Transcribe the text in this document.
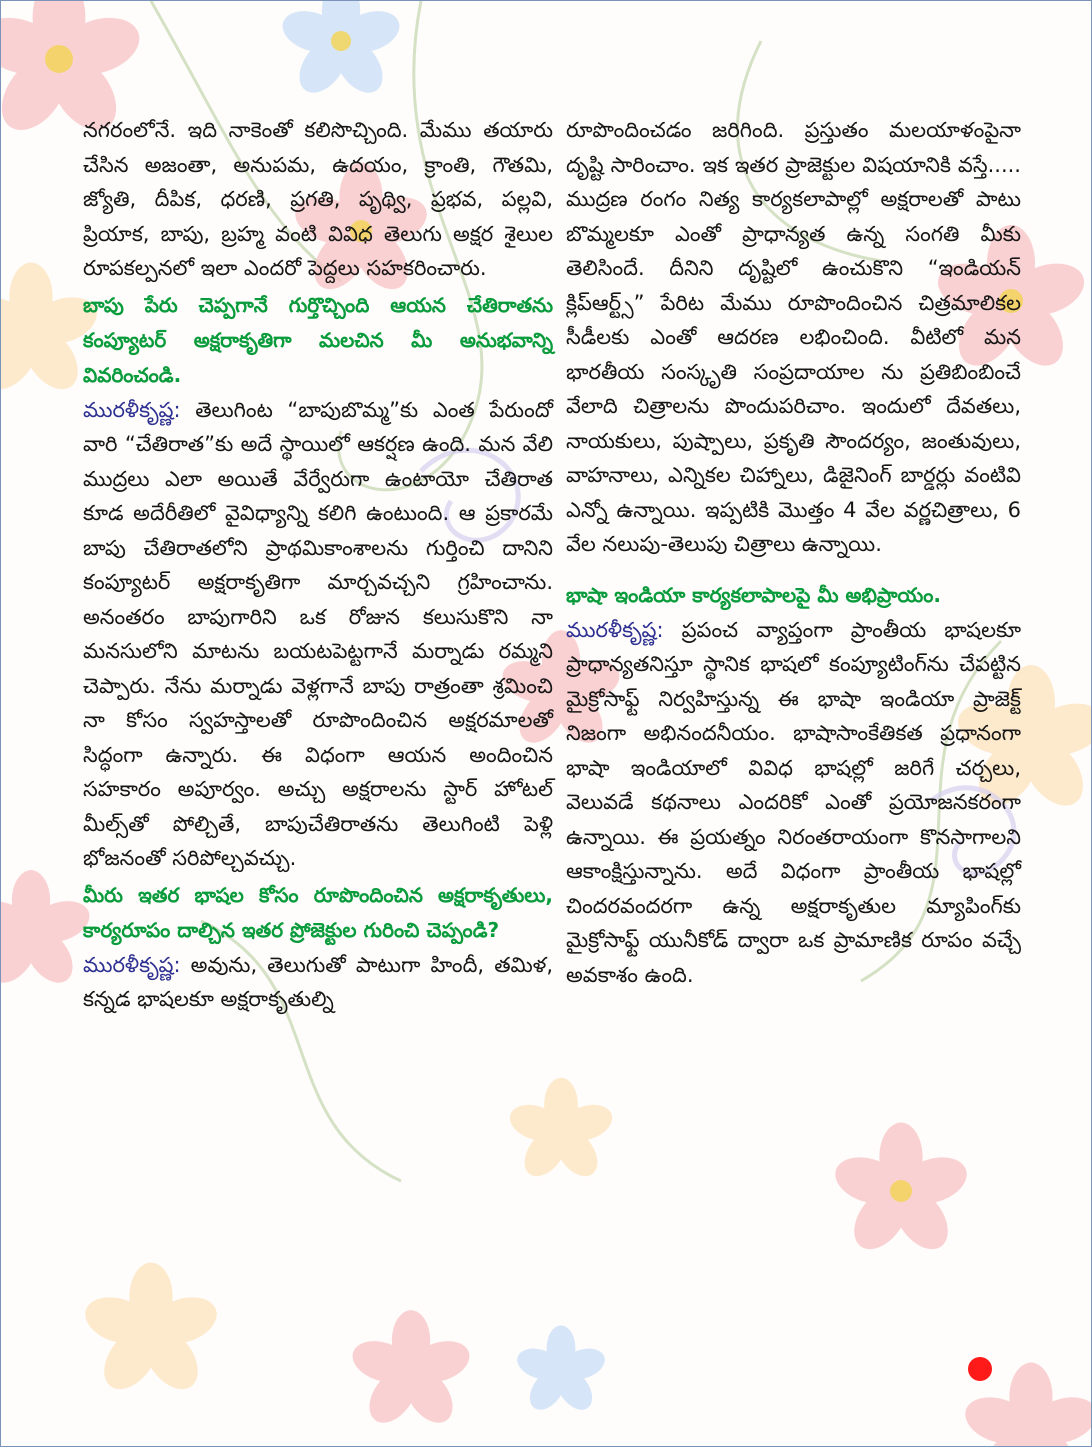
నగరంలోనే. ఇది నాకెంతో కలిసొచ్చింది. మేము తయారు చేసిన అజంతా, అనుపమ, ఉదయం, క్రాంతి, గౌతమి, జ్యోతి, దీపిక, ధరణి, ప్రగతి, పృథ్వి, ప్రభవ, పల్లవి, ప్రియాక, బాపు, బ్రహ్మ వంటి వివిధ తెలుగు అక్షర శైలుల రూపకల్పనలో ఇలా ఎందరో పెద్దలు సహకరించారు.

బాపు పేరు చెప్పగానే గుర్తొచ్చింది ఆయన చేతిరాతను కంప్యూటర్ అక్షరాకృతిగా మలచిన మీ అనుభవాన్ని వివరించండి.

మురళీకృష్ణ: తెలుగింట “బాపుబొమ్మ”కు ఎంత పేరుందో వారి “చేతిరాత”కు అదే స్థాయిలో ఆకర్షణ ఉంది. మన వేలి ముద్రలు ఎలా అయితే వేర్వేరుగా ఉంటాయో చేతిరాత కూడ అదేరీతిలో వైవిధ్యాన్ని కలిగి ఉంటుంది. ఆ ప్రకారమే బాపు చేతిరాతలోని ప్రాథమికాంశాలను గుర్తించి దానిని కంప్యూటర్ అక్షరాకృతిగా మార్చవచ్చని గ్రహించాను. అనంతరం బాపుగారిని ఒక రోజున కలుసుకొని నా మనసులోని మాటను బయటపెట్టగానే మర్నాడు రమ్మని చెప్పారు. నేను మర్నాడు వెళ్లగానే బాపు రాత్రంతా శ్రమించి నా కోసం స్వహస్తాలతో రూపొందించిన అక్షరమాలతో సిద్ధంగా ఉన్నారు. ఈ విధంగా ఆయన అందించిన సహకారం అపూర్వం. అచ్చు అక్షరాలను స్టార్ హోటల్ మీల్స్‌తో పోల్చితే, బాపుచేతిరాతను తెలుగింటి పెళ్లి భోజనంతో సరిపోల్చవచ్చు.

మీరు ఇతర భాషల కోసం రూపొందించిన అక్షరాకృతులు, కార్యరూపం దాల్చిన ఇతర ప్రోజెక్టుల గురించి చెప్పండి?

మురళీకృష్ణ: అవును, తెలుగుతో పాటుగా హిందీ, తమిళ, కన్నడ భాషలకూ అక్షరాకృతుల్ని

రూపొందించడం జరిగింది. ప్రస్తుతం మలయాళంపైనా దృష్టి సారించాం. ఇక ఇతర ప్రాజెక్టుల విషయానికి వస్తే..... ముద్రణ రంగం నిత్య కార్యకలాపాల్లో అక్షరాలతో పాటు బొమ్మలకూ ఎంతో ప్రాధాన్యత ఉన్న సంగతి మీకు తెలిసిందే. దీనిని దృష్టిలో ఉంచుకొని “ఇండియన్ క్లిప్‌ఆర్ట్స్” పేరిట మేము రూపొందించిన చిత్రమాలికల సీడీలకు ఎంతో ఆదరణ లభించింది. వీటిలో మన భారతీయ సంస్కృతి సంప్రదాయాల ను ప్రతిబింబించే వేలాది చిత్రాలను పొందుపరిచాం. ఇందులో దేవతలు, నాయకులు, పుష్పాలు, ప్రకృతి సౌందర్యం, జంతువులు, వాహనాలు, ఎన్నికల చిహ్నాలు, డిజైనింగ్ బార్డర్లు వంటివి ఎన్నో ఉన్నాయి. ఇప్పటికి మొత్తం 4 వేల వర్ణచిత్రాలు, 6 వేల నలుపు-తెలుపు చిత్రాలు ఉన్నాయి.

భాషా ఇండియా కార్యకలాపాలపై మీ అభిప్రాయం.

మురళీకృష్ణ: ప్రపంచ వ్యాప్తంగా ప్రాంతీయ భాషలకూ ప్రాధాన్యతనిస్తూ స్థానిక భాషలో కంప్యూటింగ్‌ను చేపట్టిన మైక్రోసాఫ్ట్ నిర్వహిస్తున్న ఈ భాషా ఇండియా ప్రాజెక్ట్ నిజంగా అభినందనీయం. భాషాసాంకేతికత ప్రధానంగా భాషా ఇండియాలో వివిధ భాషల్లో జరిగే చర్చలు, వెలువడే కథనాలు ఎందరికో ఎంతో ప్రయోజనకరంగా ఉన్నాయి. ఈ ప్రయత్నం నిరంతరాయంగా కొనసాగాలని ఆకాంక్షిస్తున్నాను. అదే విధంగా ప్రాంతీయ భాషల్లో చిందరవందరగా ఉన్న అక్షరాకృతుల మ్యాపింగ్‌కు మైక్రోసాఫ్ట్ యునీకోడ్ ద్వారా ఒక ప్రామాణిక రూపం వచ్చే అవకాశం ఉంది.
